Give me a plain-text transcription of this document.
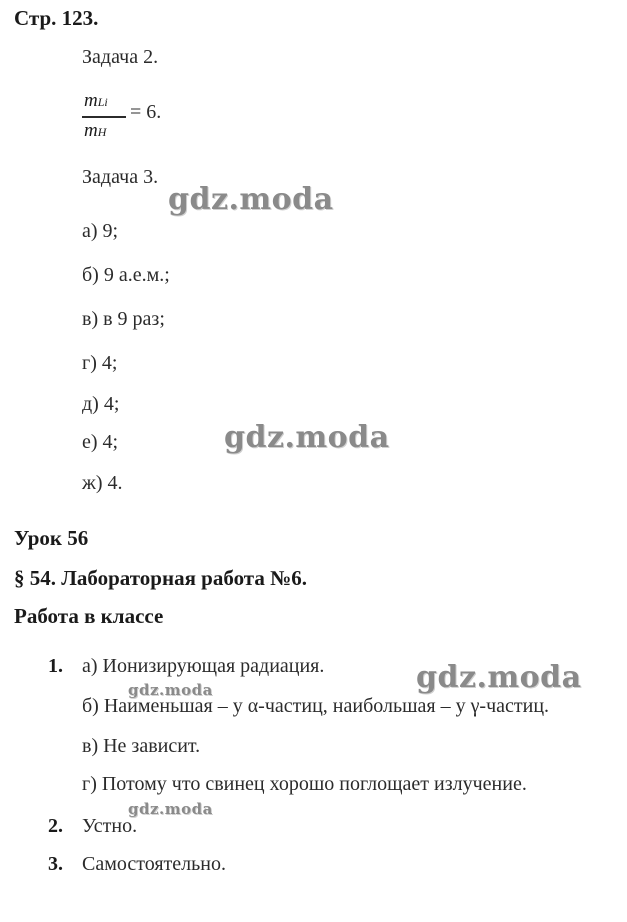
Стр. 123.
Задача 2.
mLi
mH
= 6.
Задача 3.
а) 9;
б) 9 а.е.м.;
в) в 9 раз;
г) 4;
д) 4;
е) 4;
ж) 4.
Урок 56
§ 54. Лабораторная работа №6.
Работа в классе
1. а) Ионизирующая радиация.
б) Наименьшая – у α-частиц, наибольшая – у γ-частиц.
в) Не зависит.
г) Потому что свинец хорошо поглощает излучение.
2. Устно.
3. Самостоятельно.
gdz.moda
gdz.moda
gdz.moda
gdz.moda
gdz.moda
